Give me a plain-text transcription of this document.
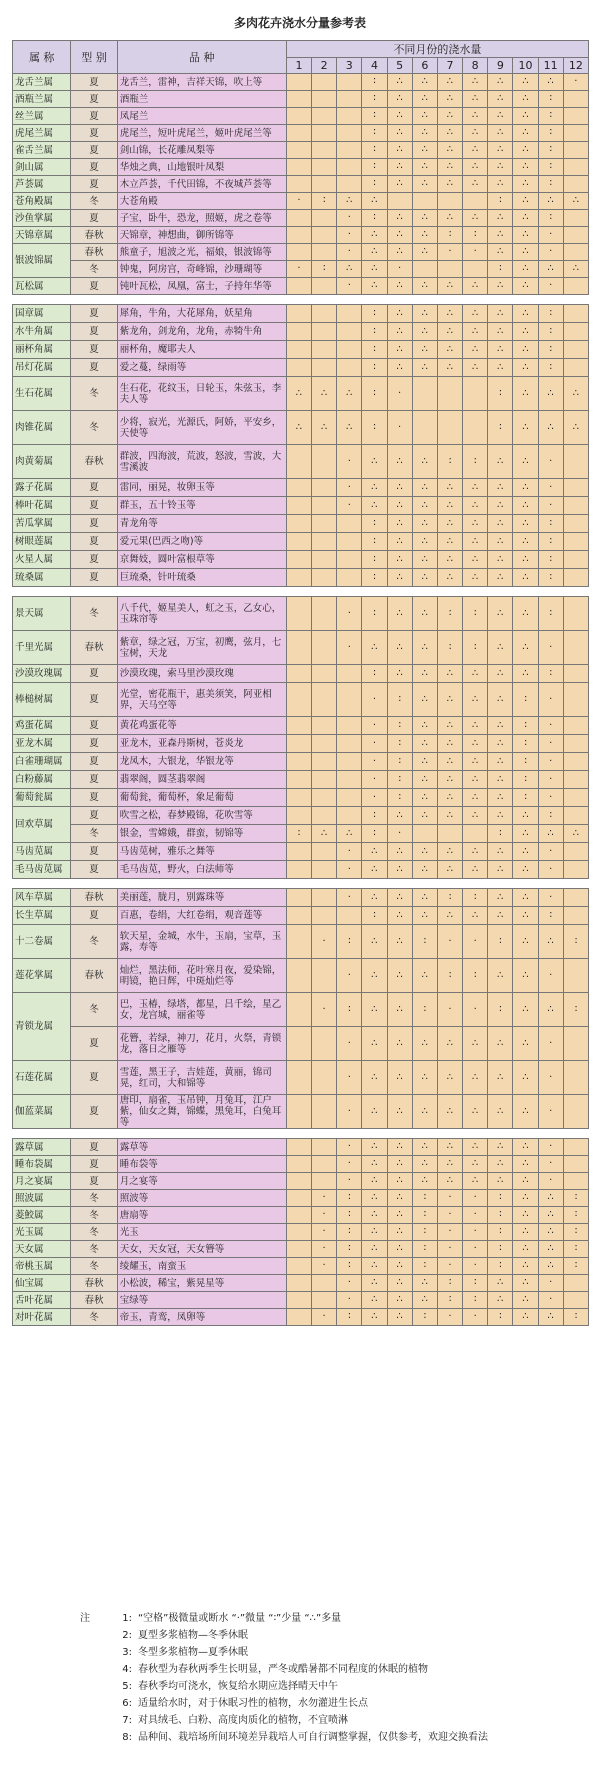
多肉花卉浇水分量参考表
属 称	型 别	品 种	不同月份的浇水量											
			1	2	3	4	5	6	7	8	9	10	11	12
龙舌兰属	夏	龙舌兰，雷神，吉祥天锦，吹上等				∶	∴	∴	∴	∴	∴	∴	∴	·
酒瓶兰属	夏	酒瓶兰				∶	∴	∴	∴	∴	∴	∴	∶	
丝兰属	夏	凤尾兰				∶	∴	∴	∴	∴	∴	∴	∶	
虎尾兰属	夏	虎尾兰，短叶虎尾兰，姬叶虎尾兰等				∶	∴	∴	∴	∴	∴	∴	∶	
雀舌兰属	夏	剑山锦，长花雕凤梨等				∶	∴	∴	∴	∴	∴	∴	∶	
剑山属	夏	华烛之典，山地银叶凤梨				∶	∴	∴	∴	∴	∴	∴	∶	
芦荟属	夏	木立芦荟，千代田锦，不夜城芦荟等				∶	∴	∴	∴	∴	∴	∴	∶	
苍角殿属	冬	大苍角殿	·	∶	∴	∴					∶	∴	∴	∴
沙鱼掌属	夏	子宝，卧牛，恐龙，照姬，虎之卷等			·	∶	∴	∴	∴	∴	∴	∴	∶	
天锦章属	春秋	天锦章，神想曲，御所锦等			·	∴	∴	∴	∶	∶	∴	∴	·	
银波锦属	春秋	熊童子，旭波之光，福娘，银波锦等			·	∴	∴	∴	·	·	∴	∴	·	
	冬	钟鬼，阿房宫，奇峰锦，沙珊瑚等	·	∶	∴	∴	·				∶	∴	∴	∴
瓦松属	夏	钝叶瓦松，凤凰，富士，子持年华等			·	∴	∴	∴	∴	∴	∴	∴	·	

国章属	夏	犀角，牛角，大花犀角，妖星角				∶	∴	∴	∴	∴	∴	∴	∶	
水牛角属	夏	紫龙角，剑龙角，龙角，赤犄牛角				∶	∴	∴	∴	∴	∴	∴	∶	
丽杯角属	夏	丽杯角，魔耶夫人				∶	∴	∴	∴	∴	∴	∴	∶	
吊灯花属	夏	爱之蔓，绿雨等				∶	∴	∴	∴	∴	∴	∴	∶	
生石花属	冬	生石花，花纹玉，日轮玉，朱弦玉，李夫人等	∴	∴	∴	∶	·				∶	∴	∴	∴
肉锥花属	冬	少将，寂光，光源氏，阿娇，平安乡，天使等	∴	∴	∴	∶	·				∶	∴	∴	∴
肉黄菊属	春秋	群波，四海波，荒波，怒波，雪波，大雪溪波			·	∴	∴	∴	∶	∶	∴	∴	·	
露子花属	夏	雷同，丽晃，妆卵玉等			·	∴	∴	∴	∴	∴	∴	∴	·	
棒叶花属	夏	群玉，五十铃玉等			·	∴	∴	∴	∴	∴	∴	∴	·	
苦瓜掌属	夏	青龙角等				∶	∴	∴	∴	∴	∴	∴	∶	
树眼莲属	夏	爱元果(巴西之吻)等				∶	∴	∴	∴	∴	∴	∴	∶	
火星人属	夏	京舞妓，圆叶富根草等				∶	∴	∴	∴	∴	∴	∴	∶	
琉桑属	夏	巨琉桑，针叶琉桑				∶	∴	∴	∴	∴	∴	∴	∶	

景天属	冬	八千代，姬星美人，虹之玉，乙女心，玉珠帘等			·	∶	∴	∴	∶	∶	∴	∴	∶	
千里光属	春秋	紫章，绿之冠，万宝，初鹰，弦月，七宝树，天龙			·	∴	∴	∴	∶	∶	∴	∴	·	
沙漠玫瑰属	夏	沙漠玫瑰，索马里沙漠玫瑰				∶	∴	∴	∴	∴	∴	∴	∶	
棒槌树属	夏	光堂，密花瓶干，惠美须笑，阿亚相界，天马空等				·	∶	∴	∴	∴	∴	∶	·	
鸡蛋花属	夏	黄花鸡蛋花等				·	∶	∴	∴	∴	∴	∶	·	
亚龙木属	夏	亚龙木，亚森丹斯树，苍炎龙				·	∶	∴	∴	∴	∴	∶	·	
白雀珊瑚属	夏	龙凤木，大银龙，华银龙等				·	∶	∴	∴	∴	∴	∶	·	
白粉藤属	夏	翡翠阁，圆茎翡翠阁				·	∶	∴	∴	∴	∴	∶	·	
葡萄瓮属	夏	葡萄瓮，葡萄杯，象足葡萄				·	∶	∴	∴	∴	∴	∶	·	
回欢草属	夏	吹雪之松，春梦殿锦，花吹雪等				∶	∴	∴	∴	∴	∴	∴	∶	
	冬	银金，雪嫦娥，群蛮，韧锦等	∶	∴	∴	∶	·				∶	∴	∴	∴
马齿苋属	夏	马齿苋树，雅乐之舞等			·	∴	∴	∴	∴	∴	∴	∴	·	
毛马齿苋属	夏	毛马齿苋，野火，白法师等			·	∴	∴	∴	∴	∴	∴	∴	·	

风车草属	春秋	美丽莲，胧月，别露珠等			·	∴	∴	∴	∶	∶	∴	∴	·	
长生草属	夏	百惠，卷绢，大红卷绢，观音莲等				∶	∴	∴	∴	∴	∴	∴	∶	
十二卷属	冬	软天星，金城，水牛，玉扇，宝草，玉露，寿等		·	∶	∴	∴	∶	·	·	∶	∴	∴	∶
莲花掌属	春秋	灿烂，黑法师，花叶寒月夜，爱染锦，明镜，艳日辉，中斑灿烂等			·	∴	∴	∴	∶	∶	∴	∴	·	
青锁龙属	冬	巴，玉椿，绿塔，都星，吕千绘，星乙女，龙宫城，丽雀等		·	∶	∴	∴	∶	·	·	∶	∴	∴	∶
	夏	花簪，若绿，神刀，花月，火祭，青锁龙，落日之雁等			·	∴	∴	∴	∴	∴	∴	∴	·	
石莲花属	夏	雪莲，黑王子，吉娃莲，黄丽，锦司晃，红司，大和锦等			·	∴	∴	∴	∴	∴	∴	∴	·	
伽蓝菜属	夏	唐印，扇雀，玉吊钟，月兔耳，江户紫，仙女之舞，锦蝶，黑兔耳，白兔耳等			·	∴	∴	∴	∴	∴	∴	∴	·	

露草属	夏	露草等			·	∴	∴	∴	∴	∴	∴	∴	·	
睡布袋属	夏	睡布袋等			·	∴	∴	∴	∴	∴	∴	∴	·	
月之宴属	夏	月之宴等			·	∴	∴	∴	∴	∴	∴	∴	·	
照波属	冬	照波等		·	∶	∴	∴	∶	·	·	∶	∴	∴	∶
菱鮫属	冬	唐扇等		·	∶	∴	∴	∶	·	·	∶	∴	∴	∶
光玉属	冬	光玉		·	∶	∴	∴	∶	·	·	∶	∴	∴	∶
天女属	冬	天女，天女冠，天女簪等		·	∶	∴	∴	∶	·	·	∶	∴	∴	∶
帝桃玉属	冬	绫耀玉，南蛮玉		·	∶	∴	∴	∶	·	·	∶	∴	∴	∶
仙宝属	春秋	小松波，稀宝，紫晃星等			·	∴	∴	∴	∶	∶	∴	∴	·	
舌叶花属	春秋	宝绿等			·	∴	∴	∴	∶	∶	∴	∴	·	
对叶花属	冬	帝玉，青鸾，凤卵等		·	∶	∴	∴	∶	·	·	∶	∴	∴	∶
注	1: “空格”极微量或断水 “·”微量 “∶”少量 “∴”多量
2: 夏型多浆植物—冬季休眠
3: 冬型多浆植物—夏季休眠
4: 春秋型为春秋两季生长明显，严冬或酷暑都不同程度的休眠的植物
5: 春秋季均可浇水，恢复给水期应选择晴天中午
6: 适量给水时，对于休眠习性的植物，水勿灌进生长点
7: 对具绒毛、白粉、高度肉质化的植物，不宜喷淋
8: 品种间、栽培场所间环境差异栽培人可自行调整掌握，仅供参考，欢迎交换看法
